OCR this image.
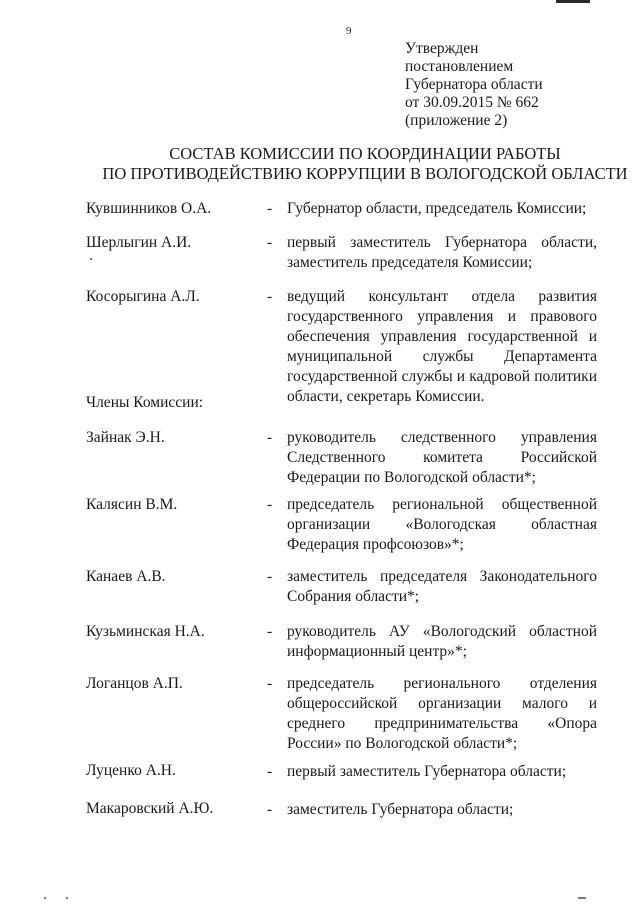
9
Утвержден
постановлением
Губернатора области
от 30.09.2015 № 662
(приложение 2)
СОСТАВ КОМИССИИ ПО КООРДИНАЦИИ РАБОТЫ
ПО ПРОТИВОДЕЙСТВИЮ КОРРУПЦИИ В ВОЛОГОДСКОЙ ОБЛАСТИ
Кувшинников О.А.	- Губернатор области, председатель Комиссии;
Шерлыгин А.И.	- первый заместитель Губернатора области, заместитель председателя Комиссии;
Косорыгина А.Л.	- ведущий консультант отдела развития государственного управления и правового обеспечения управления государственной и муниципальной службы Департамента государственной службы и кадровой политики области, секретарь Комиссии.
Члены Комиссии:
Зайнак Э.Н.	- руководитель следственного управления Следственного комитета Российской Федерации по Вологодской области*;
Калясин В.М.	- председатель региональной общественной организации «Вологодская областная Федерация профсоюзов»*;
Канаев А.В.	- заместитель председателя Законодательного Собрания области*;
Кузьминская Н.А.	- руководитель АУ «Вологодский областной информационный центр»*;
Логанцов А.П.	- председатель регионального отделения общероссийской организации малого и среднего предпринимательства «Опора России» по Вологодской области*;
Луценко А.Н.	- первый заместитель Губернатора области;
Макаровский А.Ю.	- заместитель Губернатора области;
